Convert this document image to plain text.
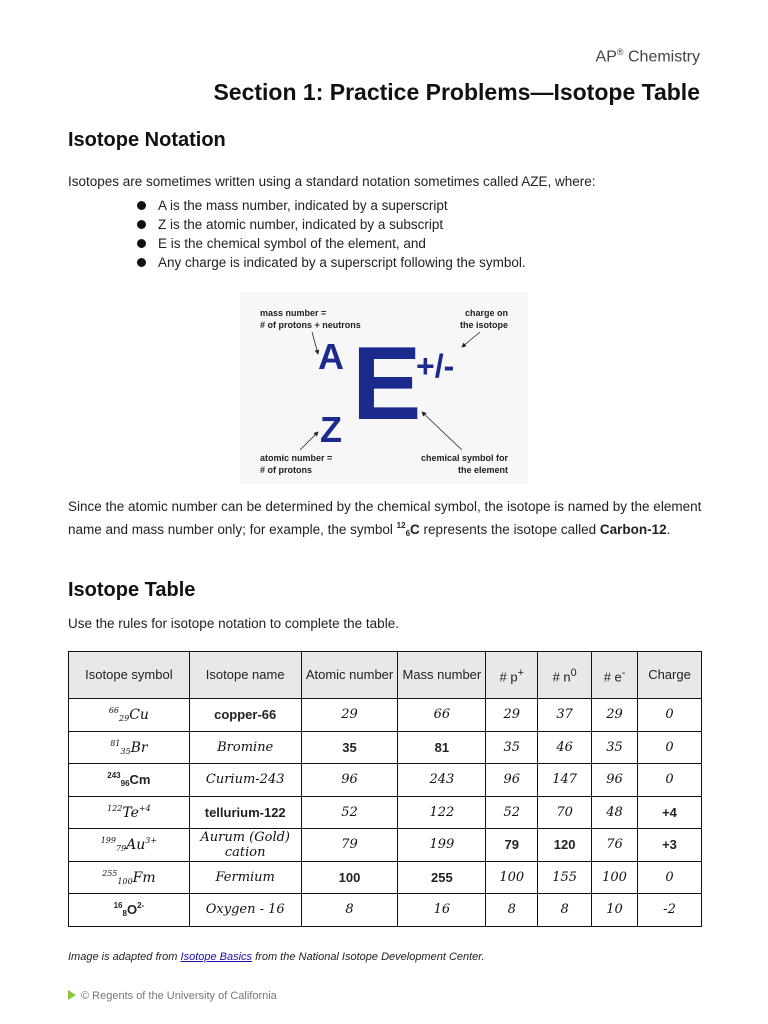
AP® Chemistry
Section 1: Practice Problems—Isotope Table
Isotope Notation

Isotopes are sometimes written using a standard notation sometimes called AZE, where:

A is the mass number, indicated by a superscript
Z is the atomic number, indicated by a subscript
E is the chemical symbol of the element, and
Any charge is indicated by a superscript following the symbol.
mass number =
# of protons + neutrons
charge on
the isotope
atomic number =
# of protons
chemical symbol for
the element
A
Z E
+/-

Since the atomic number can be determined by the chemical symbol, the isotope is named by the element name and mass number only; for example, the symbol $^{12}_6$C represents the isotope called Carbon-12.

Isotope Table

Use the rules for isotope notation to complete the table.

Isotope symbol	Isotope name	Atomic number	Mass number	# p+	# $n^0$	# e-	Charge
$^{66}_{29}$Cu	copper-66	29	66	29	37	29	0
$^{81}_{35}$Br	Bromine	35	81	35	46	35	0
$^{243}_{96}$Cm	Curium-243	96	243	96	147	96	0
$^{122}Te^{+4}$	tellurium-122	52	122	52	70	48	+4
$^{199}_{79}Au^{3+}$	Aurum (Gold) cation	79	199	79	120	76	+3
$^{255}_{100}$Fm	Fermium	100	255	100	155	100	0
$^{16}_8O^{2-}$	Oxygen - 16	8	16	8	8	10	-2

Image is adapted from Isotope Basics from the National Isotope Development Center.

© Regents of the University of California
